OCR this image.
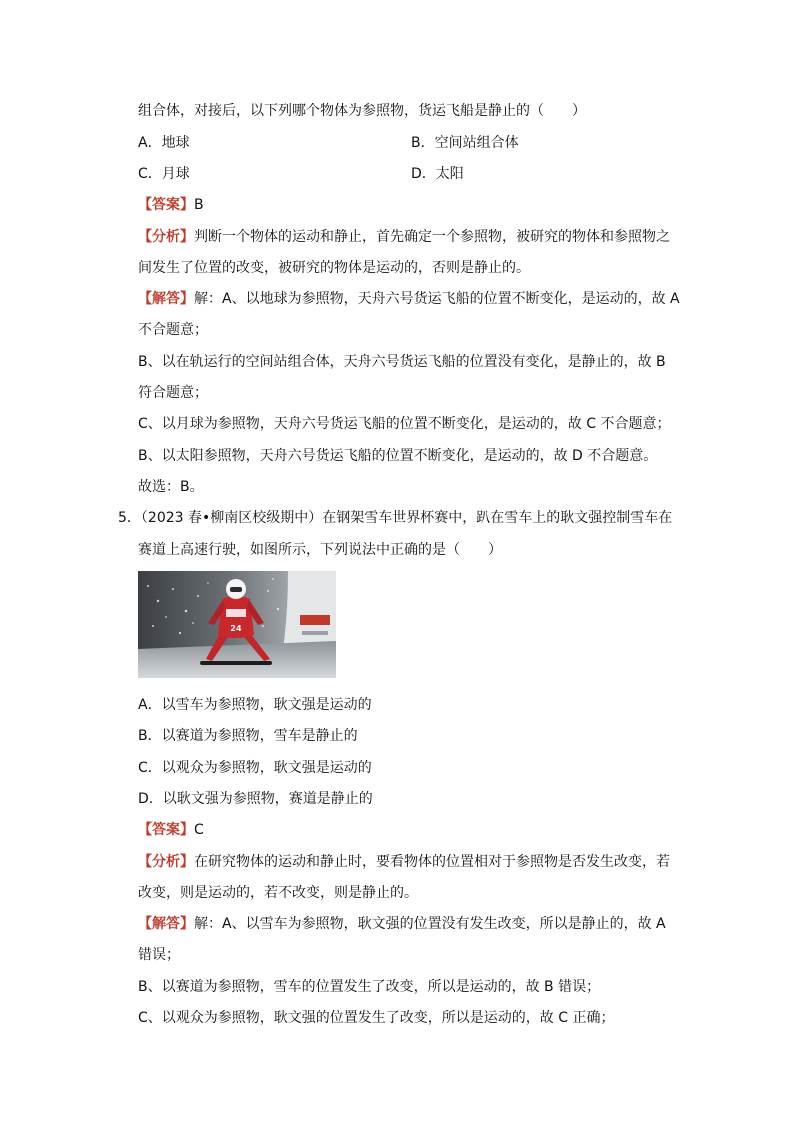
组合体，对接后，以下列哪个物体为参照物，货运飞船是静止的（　　）
A．地球	B．空间站组合体
C．月球	D．太阳
【答案】B
【分析】判断一个物体的运动和静止，首先确定一个参照物，被研究的物体和参照物之
间发生了位置的改变，被研究的物体是运动的，否则是静止的。
【解答】解：A、以地球为参照物，天舟六号货运飞船的位置不断变化，是运动的，故 A
不合题意；
B、以在轨运行的空间站组合体，天舟六号货运飞船的位置没有变化，是静止的，故 B
符合题意；
C、以月球为参照物，天舟六号货运飞船的位置不断变化，是运动的，故 C 不合题意；
B、以太阳参照物，天舟六号货运飞船的位置不断变化，是运动的，故 D 不合题意。
故选：B。
5．（2023 春•柳南区校级期中）在钢架雪车世界杯赛中，趴在雪车上的耿文强控制雪车在
赛道上高速行驶，如图所示，下列说法中正确的是（　　）
24
A．以雪车为参照物，耿文强是运动的
B．以赛道为参照物，雪车是静止的
C．以观众为参照物，耿文强是运动的
D．以耿文强为参照物，赛道是静止的
【答案】C
【分析】在研究物体的运动和静止时，要看物体的位置相对于参照物是否发生改变，若
改变，则是运动的，若不改变，则是静止的。
【解答】解：A、以雪车为参照物，耿文强的位置没有发生改变，所以是静止的，故 A
错误；
B、以赛道为参照物，雪车的位置发生了改变，所以是运动的，故 B 错误；
C、以观众为参照物，耿文强的位置发生了改变，所以是运动的，故 C 正确；
